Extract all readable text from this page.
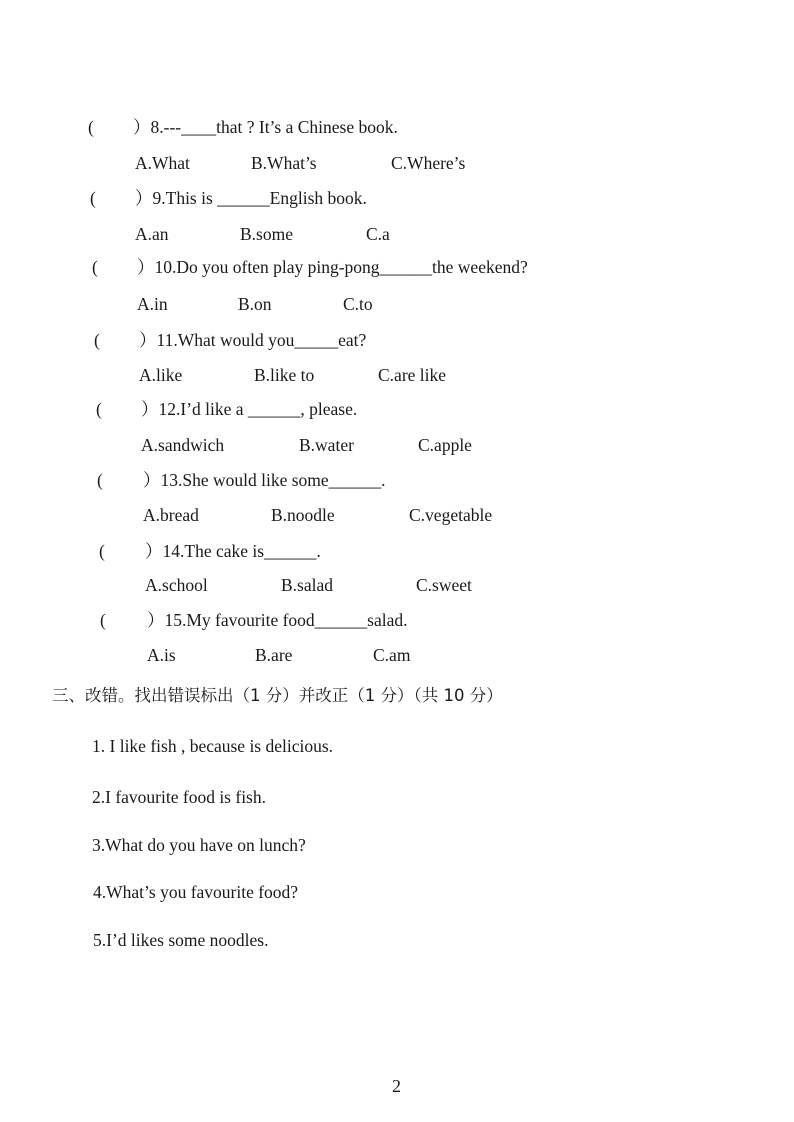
( ）8.---____that ? It’s a Chinese book.
A.What	B.What’s	C.Where’s
( ）9.This is ______English book.
A.an	B.some	C.a
( ）10.Do you often play ping-pong______the weekend?
A.in	B.on	C.to
( ）11.What would you_____eat?
A.like	B.like to	C.are like
( ）12.I’d like a ______, please.
A.sandwich	B.water	C.apple
( ）13.She would like some______.
A.bread	B.noodle	C.vegetable
( ）14.The cake is______.
A.school	B.salad	C.sweet
( ）15.My favourite food______salad.
A.is	B.are	C.am
三、改错。找出错误标出（1 分）并改正（1 分）（共 10 分）
1. I like fish , because is delicious.
2.I favourite food is fish.
3.What do you have on lunch?
4.What’s you favourite food?
5.I’d likes some noodles.
2
